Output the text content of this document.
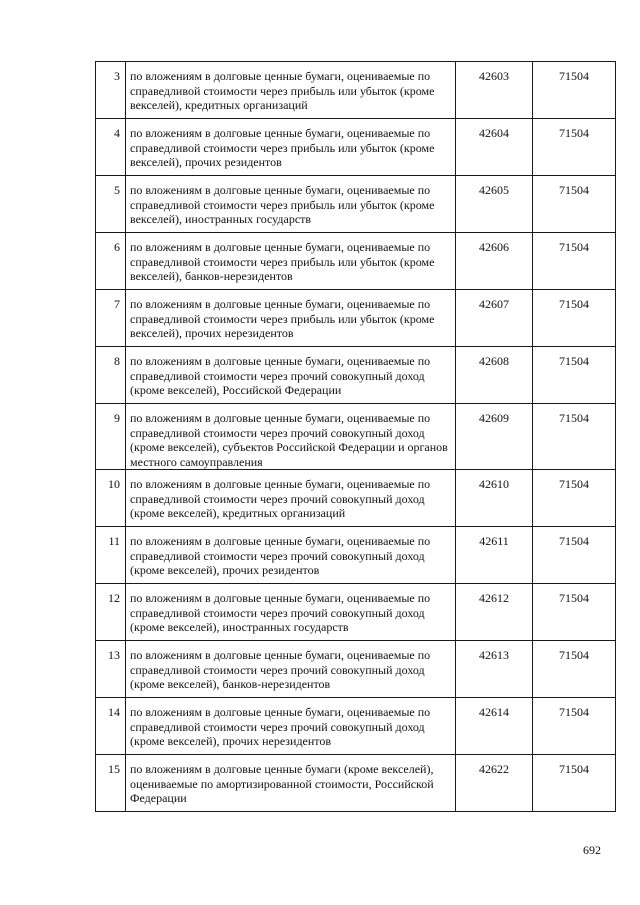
3	по вложениям в долговые ценные бумаги, оцениваемые по справедливой стоимости через прибыль или убыток (кроме векселей), кредитных организаций	42603	71504
4	по вложениям в долговые ценные бумаги, оцениваемые по справедливой стоимости через прибыль или убыток (кроме векселей), прочих резидентов	42604	71504
5	по вложениям в долговые ценные бумаги, оцениваемые по справедливой стоимости через прибыль или убыток (кроме векселей), иностранных государств	42605	71504
6	по вложениям в долговые ценные бумаги, оцениваемые по справедливой стоимости через прибыль или убыток (кроме векселей), банков-нерезидентов	42606	71504
7	по вложениям в долговые ценные бумаги, оцениваемые по справедливой стоимости через прибыль или убыток (кроме векселей), прочих нерезидентов	42607	71504
8	по вложениям в долговые ценные бумаги, оцениваемые по справедливой стоимости через прочий совокупный доход (кроме векселей), Российской Федерации	42608	71504
9	по вложениям в долговые ценные бумаги, оцениваемые по справедливой стоимости через прочий совокупный доход (кроме векселей), субъектов Российской Федерации и органов местного самоуправления	42609	71504
10	по вложениям в долговые ценные бумаги, оцениваемые по справедливой стоимости через прочий совокупный доход (кроме векселей), кредитных организаций	42610	71504
11	по вложениям в долговые ценные бумаги, оцениваемые по справедливой стоимости через прочий совокупный доход (кроме векселей), прочих резидентов	42611	71504
12	по вложениям в долговые ценные бумаги, оцениваемые по справедливой стоимости через прочий совокупный доход (кроме векселей), иностранных государств	42612	71504
13	по вложениям в долговые ценные бумаги, оцениваемые по справедливой стоимости через прочий совокупный доход (кроме векселей), банков-нерезидентов	42613	71504
14	по вложениям в долговые ценные бумаги, оцениваемые по справедливой стоимости через прочий совокупный доход (кроме векселей), прочих нерезидентов	42614	71504
15	по вложениям в долговые ценные бумаги (кроме векселей), оцениваемые по амортизированной стоимости, Российской Федерации	42622	71504
692
